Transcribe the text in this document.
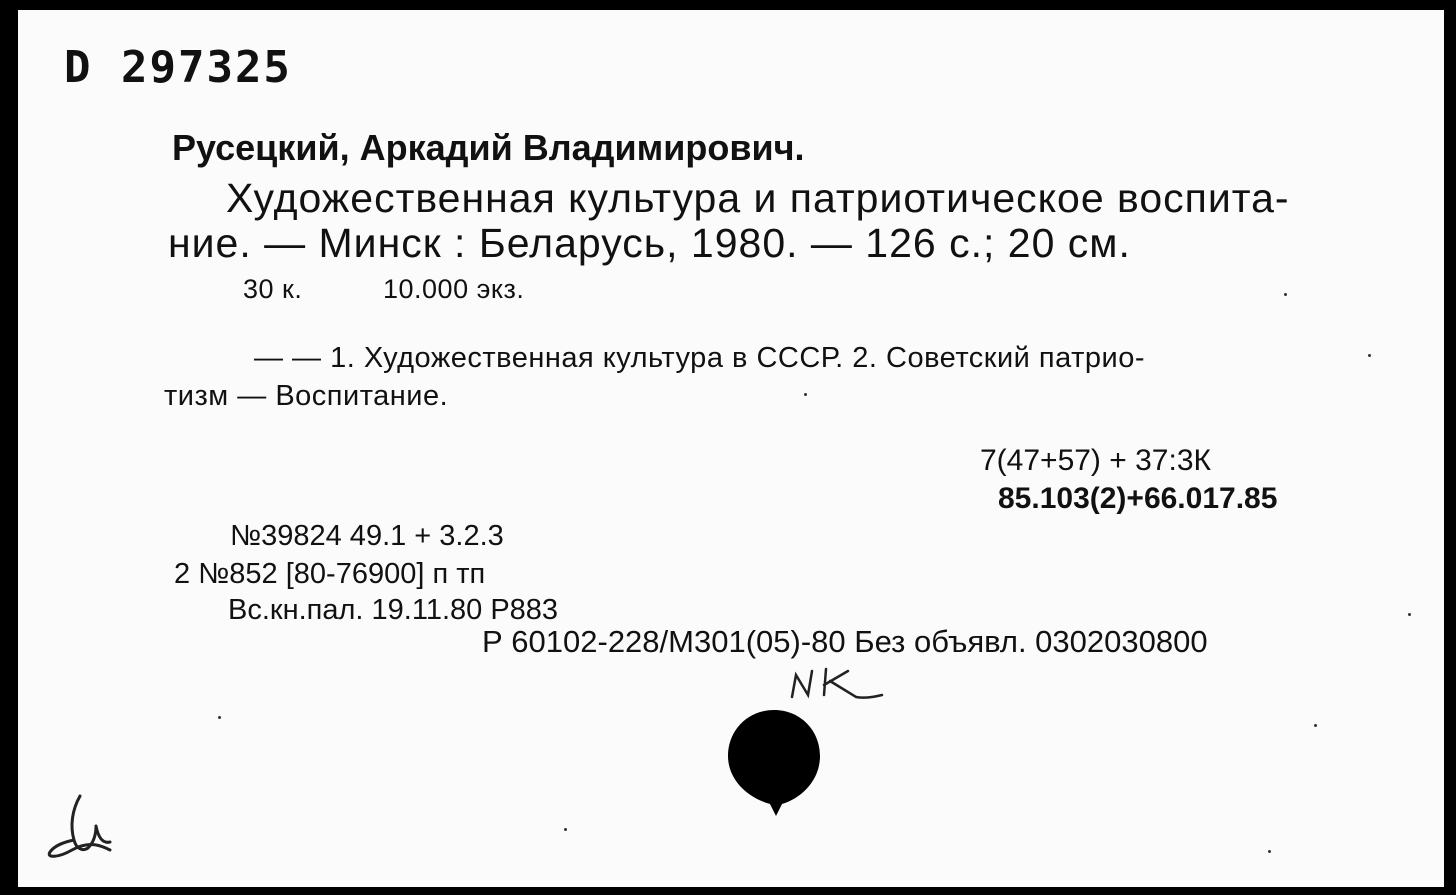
D 297325
Русецкий, Аркадий Владимирович.
Художественная культура и патриотическое воспита-
ние. — Минск : Беларусь, 1980. — 126 с.; 20 см.
30 к.	10.000 экз.
— — 1. Художественная культура в СССР. 2. Советский патрио-
тизм — Воспитание.
7(47+57) + 37:3К
85.103(2)+66.017.85
№39824 49.1 + 3.2.3
2 №852 [80-76900] п тп
Вс.кн.пал. 19.11.80 Р883
Р 60102-228/М301(05)-80 Без объявл. 0302030800
